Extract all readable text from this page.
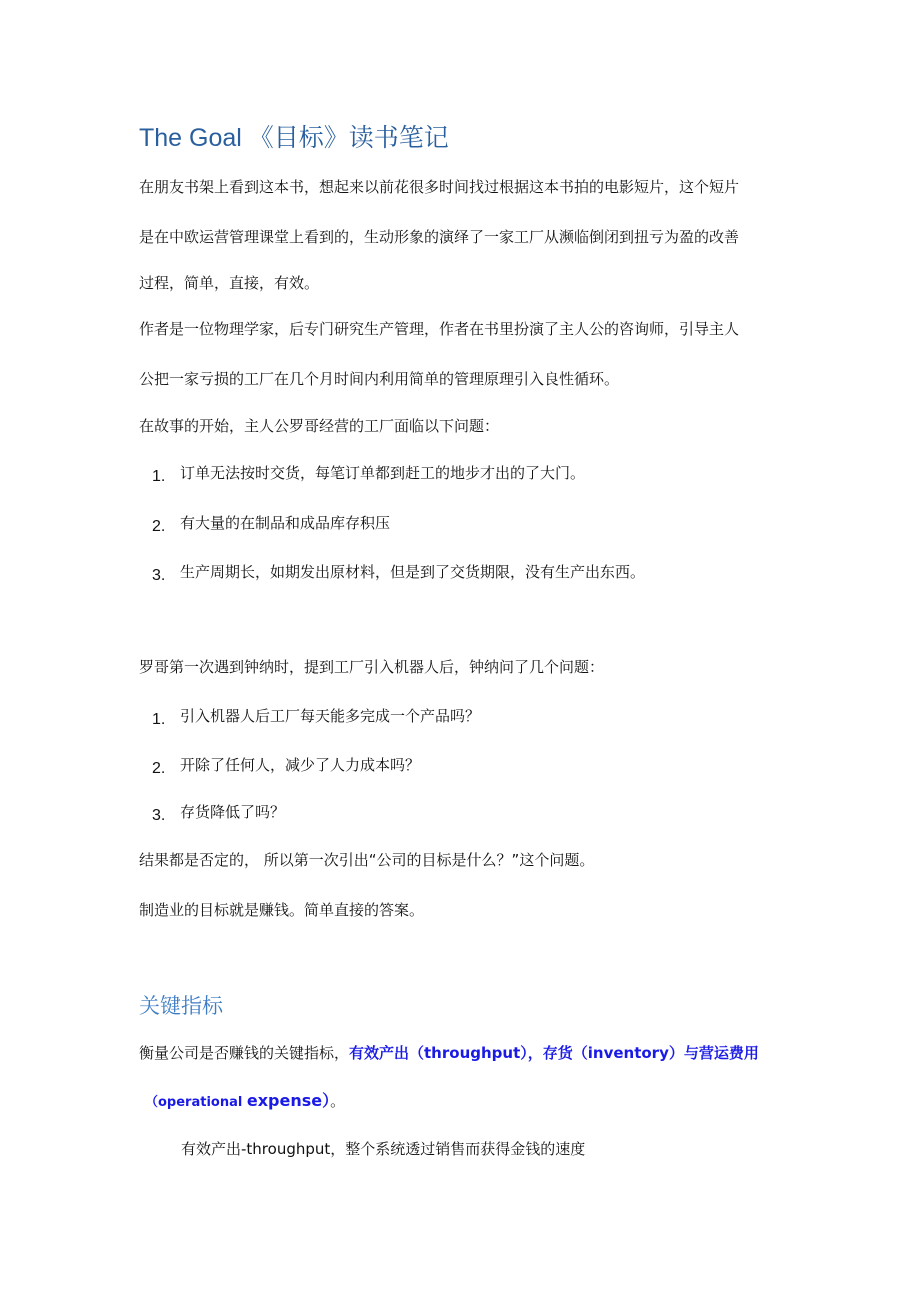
The Goal 《目标》读书笔记
在朋友书架上看到这本书，想起来以前花很多时间找过根据这本书拍的电影短片，这个短片
是在中欧运营管理课堂上看到的，生动形象的演绎了一家工厂从濒临倒闭到扭亏为盈的改善
过程，简单，直接，有效。
作者是一位物理学家，后专门研究生产管理，作者在书里扮演了主人公的咨询师，引导主人
公把一家亏损的工厂在几个月时间内利用简单的管理原理引入良性循环。
在故事的开始，主人公罗哥经营的工厂面临以下问题：
1. 订单无法按时交货，每笔订单都到赶工的地步才出的了大门。
2. 有大量的在制品和成品库存积压
3. 生产周期长，如期发出原材料，但是到了交货期限，没有生产出东西。
罗哥第一次遇到钟纳时，提到工厂引入机器人后，钟纳问了几个问题：
1. 引入机器人后工厂每天能多完成一个产品吗？
2. 开除了任何人，减少了人力成本吗？
3. 存货降低了吗？
结果都是否定的， 所以第一次引出“公司的目标是什么？”这个问题。
制造业的目标就是赚钱。简单直接的答案。
关键指标
衡量公司是否赚钱的关键指标，有效产出（throughput），存货（inventory）与营运费用
（operational expense）。
有效产出-throughput，整个系统透过销售而获得金钱的速度
